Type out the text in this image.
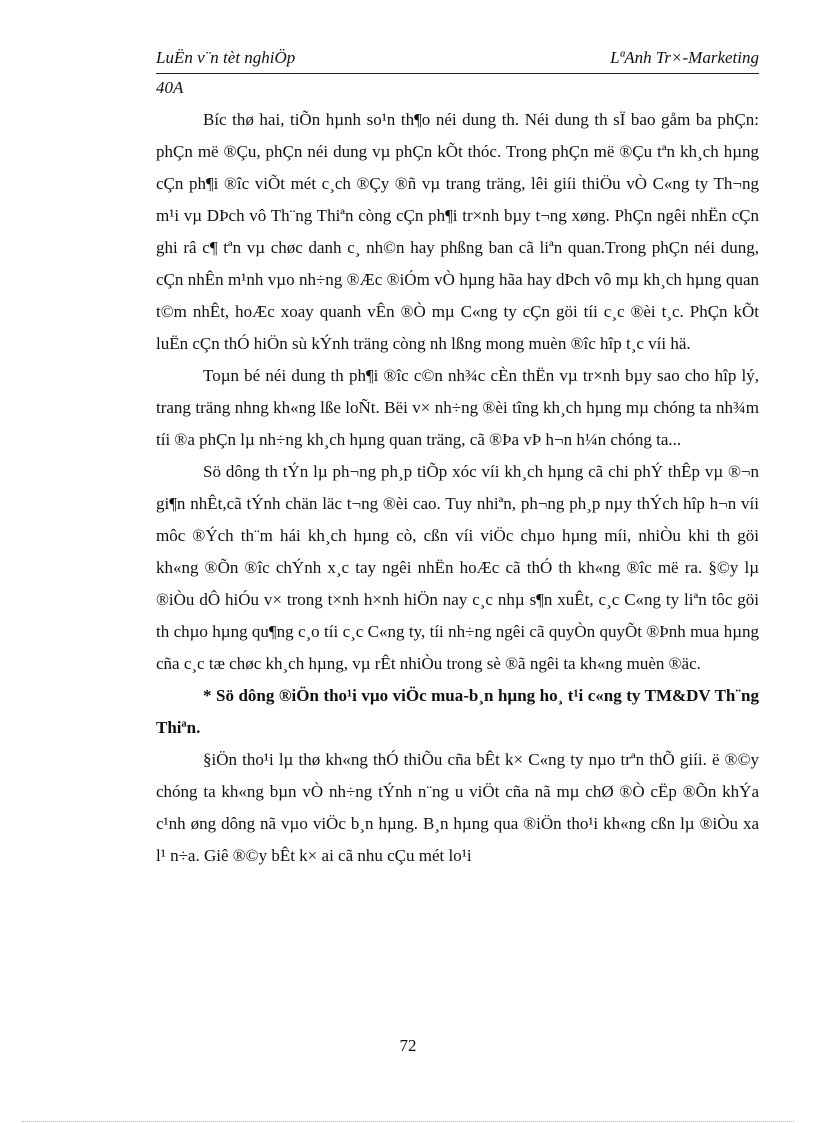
LuËn v¨n tèt nghiÖp	LªAnh Tr×-Marketing
40A

Bíc thø hai, tiÕn hµnh so¹n th¶o néi dung th. Néi dung th sÏ bao gåm ba phÇn: phÇn më ®Çu, phÇn néi dung vµ phÇn kÕt thóc. Trong phÇn më ®Çu tªn kh¸ch hµng cÇn ph¶i ®îc viÕt mét c¸ch ®Çy ®ñ vµ trang träng, lêi giíi thiÖu vÒ C«ng ty Th¬ng m¹i vµ DÞch vô Th¨ng Thiªn còng cÇn ph¶i tr×nh bµy t¬ng xøng. PhÇn ngêi nhËn cÇn ghi râ c¶ tªn vµ chøc danh c¸ nh©n hay phßng ban cã liªn quan.Trong phÇn néi dung, cÇn nhÊn m¹nh vµo nh÷ng ®Æc ®iÓm vÒ hµng hãa hay dÞch vô mµ kh¸ch hµng quan t©m nhÊt, hoÆc xoay quanh vÊn ®Ò mµ C«ng ty cÇn göi tíi c¸c ®èi t¸c. PhÇn kÕt luËn cÇn thÓ hiÖn sù kÝnh träng còng nh lßng mong muèn ®îc hîp t¸c víi hä.

Toµn bé néi dung th ph¶i ®îc c©n nh¾c cÈn thËn vµ tr×nh bµy sao cho hîp lý, trang träng nhng kh«ng lße loÑt. Bëi v× nh÷ng ®èi tîng kh¸ch hµng mµ chóng ta nh¾m tíi ®a phÇn lµ nh÷ng kh¸ch hµng quan träng, cã ®Þa vÞ h¬n h¼n chóng ta...

Sö dông th tÝn lµ ph¬ng ph¸p tiÕp xóc víi kh¸ch hµng cã chi phÝ thÊp vµ ®¬n gi¶n nhÊt,cã tÝnh chän läc t¬ng ®èi cao. Tuy nhiªn, ph¬ng ph¸p nµy thÝch hîp h¬n víi môc ®Ých th¨m hái kh¸ch hµng cò, cßn víi viÖc chµo hµng míi, nhiÒu khi th göi kh«ng ®Õn ®îc chÝnh x¸c tay ngêi nhËn hoÆc cã thÓ th kh«ng ®îc më ra. §©y lµ ®iÒu dÔ hiÓu v× trong t×nh h×nh hiÖn nay c¸c nhµ s¶n xuÊt, c¸c C«ng ty liªn tôc göi th chµo hµng qu¶ng c¸o tíi c¸c C«ng ty, tíi nh÷ng ngêi cã quyÒn quyÕt ®Þnh mua hµng cña c¸c tæ chøc kh¸ch hµng, vµ rÊt nhiÒu trong sè ®ã ngêi ta kh«ng muèn ®äc.

* Sö dông ®iÖn tho¹i vµo viÖc mua-b¸n hµng ho¸ t¹i c«ng ty TM&DV Th¨ng Thiªn.

§iÖn tho¹i lµ thø kh«ng thÓ thiÕu cña bÊt k× C«ng ty nµo trªn thÕ giíi. ë ®©y chóng ta kh«ng bµn vÒ nh÷ng tÝnh n¨ng u viÖt cña nã mµ chØ ®Ò cËp ®Õn khÝa c¹nh øng dông nã vµo viÖc b¸n hµng. B¸n hµng qua ®iÖn tho¹i kh«ng cßn lµ ®iÒu xa l¹ n÷a. Giê ®©y bÊt k× ai cã nhu cÇu mét lo¹i

72
